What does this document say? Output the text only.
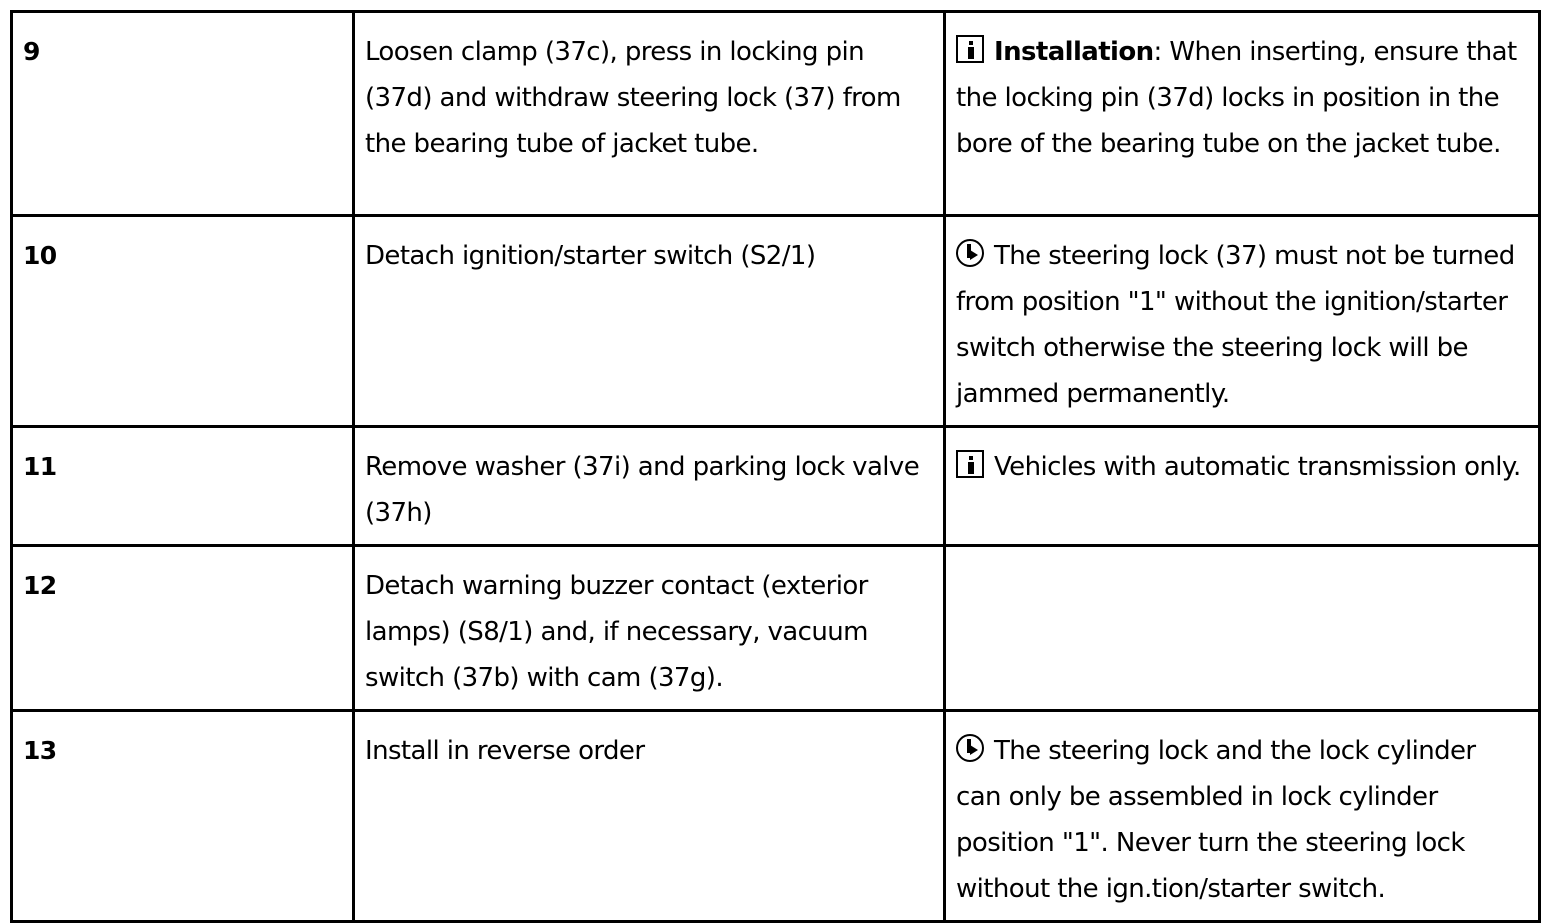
9	Loosen clamp (37c), press in locking pin (37d) and withdraw steering lock (37) from the bearing tube of jacket tube.	Installation: When inserting, ensure that the locking pin (37d) locks in position in the bore of the bearing tube on the jacket tube.
10	Detach ignition/starter switch (S2/1)	The steering lock (37) must not be turned from position "1" without the ignition/starter switch otherwise the steering lock will be jammed permanently.
11	Remove washer (37i) and parking lock valve (37h)	Vehicles with automatic transmission only.
12	Detach warning buzzer contact (exterior lamps) (S8/1) and, if necessary, vacuum switch (37b) with cam (37g).	
13	Install in reverse order	The steering lock and the lock cylinder can only be assembled in lock cylinder position "1". Never turn the steering lock without the ign.tion/starter switch.
